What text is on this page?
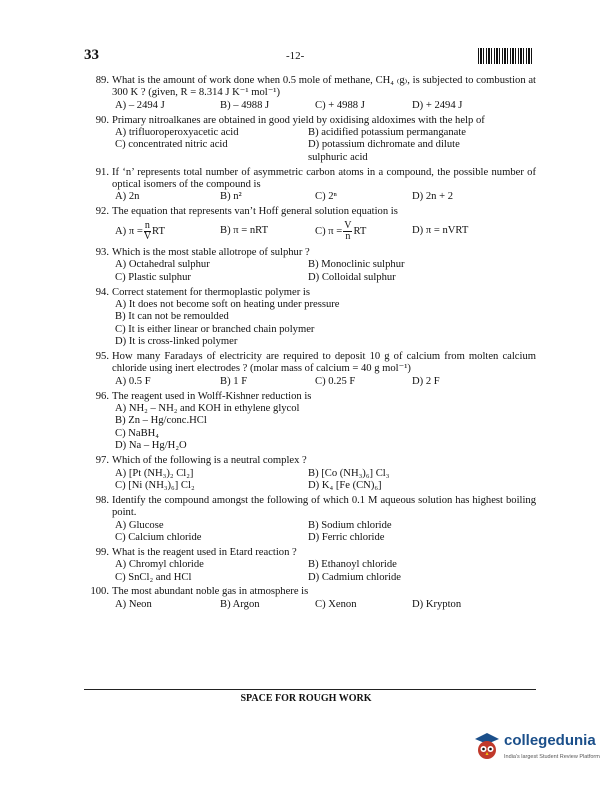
33	-12-
89. What is the amount of work done when 0.5 mole of methane, CH₄ ₍g₎, is subjected to combustion at 300 K ? (given, R = 8.314 J K⁻¹ mol⁻¹)
A) – 2494 J	B) – 4988 J	C) + 4988 J	D) + 2494 J
90. Primary nitroalkanes are obtained in good yield by oxidising aldoximes with the help of
A) trifluoroperoxyacetic acid	B) acidified potassium permanganate
C) concentrated nitric acid	D) potassium dichromate and dilute sulphuric acid
91. If ‘n’ represents total number of asymmetric carbon atoms in a compound, the possible number of optical isomers of the compound is
A) 2n	B) n²	C) 2ⁿ	D) 2n + 2
92. The equation that represents van’t Hoff general solution equation is
A) $\pi = \frac{n}{V}$ RT	B) π = nRT	C) $\pi = \frac{V}{n}$ RT	D) π = nVRT
93. Which is the most stable allotrope of sulphur ?
A) Octahedral sulphur	B) Monoclinic sulphur
C) Plastic sulphur	D) Colloidal sulphur
94. Correct statement for thermoplastic polymer is
A) It does not become soft on heating under pressure
B) It can not be remoulded
C) It is either linear or branched chain polymer
D) It is cross-linked polymer
95. How many Faradays of electricity are required to deposit 10 g of calcium from molten calcium chloride using inert electrodes ? (molar mass of calcium = 40 g mol⁻¹)
A) 0.5 F	B) 1 F	C) 0.25 F	D) 2 F
96. The reagent used in Wolff-Kishner reduction is
A) NH₂ – NH₂ and KOH in ethylene glycol
B) Zn – Hg/conc.HCl
C) NaBH₄
D) Na – Hg/H₂O
97. Which of the following is a neutral complex ?
A) [Pt (NH₃)₂ Cl₂]	B) [Co (NH₃)₆] Cl₃
C) [Ni (NH₃)₆] Cl₂	D) K₄ [Fe (CN)₆]
98. Identify the compound amongst the following of which 0.1 M aqueous solution has highest boiling point.
A) Glucose	B) Sodium chloride
C) Calcium chloride	D) Ferric chloride
99. What is the reagent used in Etard reaction ?
A) Chromyl chloride	B) Ethanoyl chloride
C) SnCl₂ and HCl	D) Cadmium chloride
100. The most abundant noble gas in atmosphere is
A) Neon	B) Argon	C) Xenon	D) Krypton
SPACE FOR ROUGH WORK
collegedunia
India's largest Student Review Platform
